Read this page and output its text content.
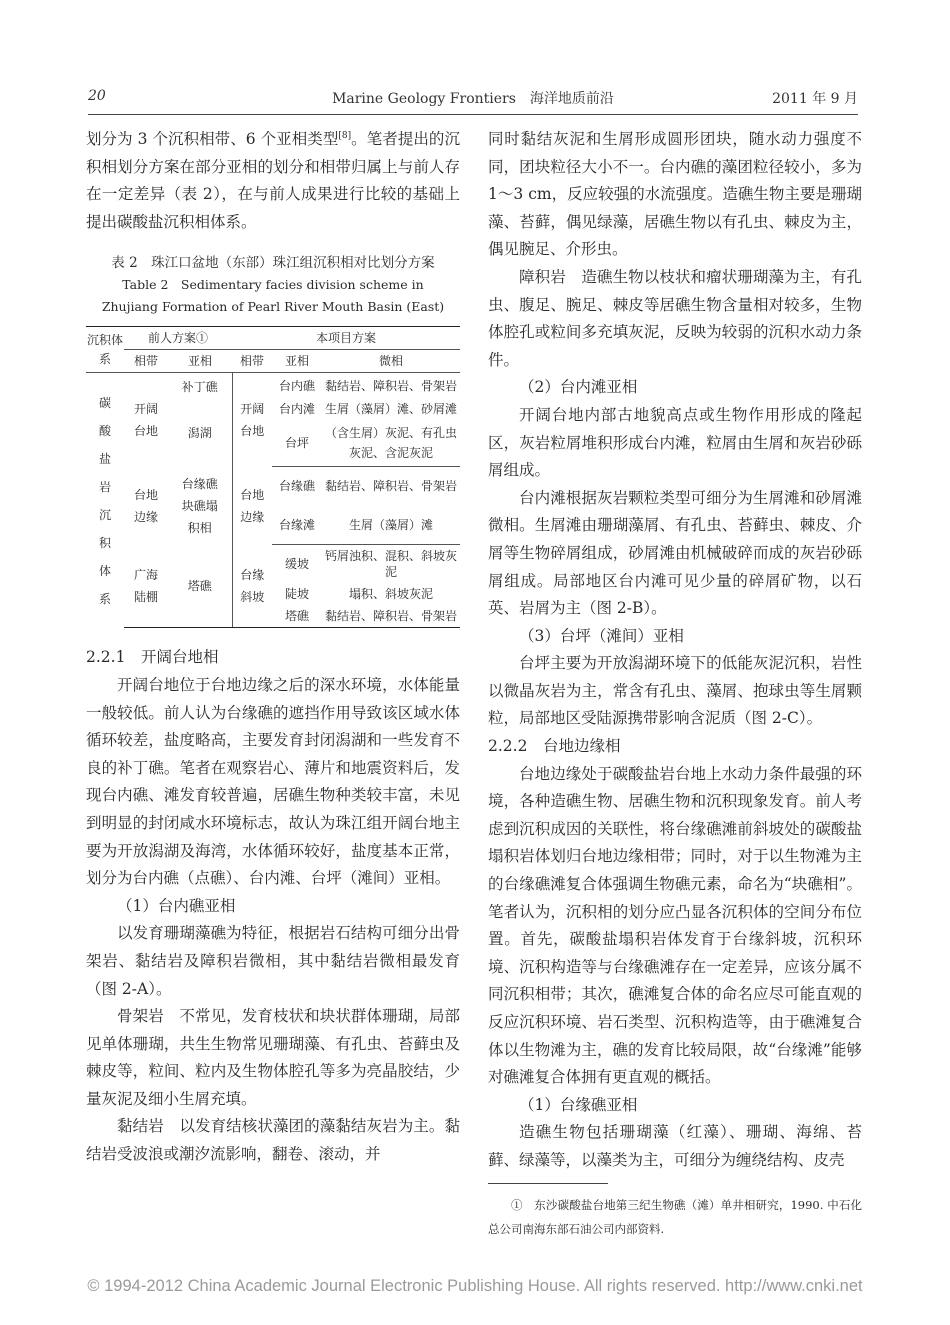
20	Marine Geology Frontiers　海洋地质前沿	2011 年 9 月

划分为 3 个沉积相带、6 个亚相类型[8]。笔者提出的沉积相划分方案在部分亚相的划分和相带归属上与前人存在一定差异（表 2），在与前人成果进行比较的基础上提出碳酸盐沉积相体系。

表 2　珠江口盆地（东部）珠江组沉积相对比划分方案
Table 2　Sedimentary facies division scheme in
Zhujiang Formation of Pearl River Mouth Basin (East)
沉积体系	前人方案①		本项目方案		
	相带	亚相	相带	亚相	微相
碳酸盐岩沉积体系	开阔台地	补丁礁	开阔台地	台内礁	黏结岩、障积岩、骨架岩
		潟湖		台内滩	生屑（藻屑）滩、砂屑滩
				台坪	（含生屑）灰泥、有孔虫灰泥、含泥灰泥
	台地边缘	台缘礁块礁塌积相	台地边缘	台缘礁	黏结岩、障积岩、骨架岩
				台缘滩	生屑（藻屑）滩
	广海陆棚	塔礁	台缘斜坡	缓坡	钙屑浊积、混积、斜坡灰泥
				陡坡	塌积、斜坡灰泥
				塔礁	黏结岩、障积岩、骨架岩

2.2.1　开阔台地相

开阔台地位于台地边缘之后的深水环境，水体能量一般较低。前人认为台缘礁的遮挡作用导致该区域水体循环较差，盐度略高，主要发育封闭潟湖和一些发育不良的补丁礁。笔者在观察岩心、薄片和地震资料后，发现台内礁、滩发育较普遍，居礁生物种类较丰富，未见到明显的封闭咸水环境标志，故认为珠江组开阔台地主要为开放潟湖及海湾，水体循环较好，盐度基本正常，划分为台内礁（点礁）、台内滩、台坪（滩间）亚相。

（1）台内礁亚相

以发育珊瑚藻礁为特征，根据岩石结构可细分出骨架岩、黏结岩及障积岩微相，其中黏结岩微相最发育（图 2-A）。

骨架岩　不常见，发育枝状和块状群体珊瑚，局部见单体珊瑚，共生生物常见珊瑚藻、有孔虫、苔藓虫及棘皮等，粒间、粒内及生物体腔孔等多为亮晶胶结，少量灰泥及细小生屑充填。

黏结岩　以发育结核状藻团的藻黏结灰岩为主。黏结岩受波浪或潮汐流影响，翻卷、滚动，并

同时黏结灰泥和生屑形成圆形团块，随水动力强度不同，团块粒径大小不一。台内礁的藻团粒径较小，多为 1～3 cm，反应较强的水流强度。造礁生物主要是珊瑚藻、苔藓，偶见绿藻，居礁生物以有孔虫、棘皮为主，偶见腕足、介形虫。

障积岩　造礁生物以枝状和瘤状珊瑚藻为主，有孔虫、腹足、腕足、棘皮等居礁生物含量相对较多，生物体腔孔或粒间多充填灰泥，反映为较弱的沉积水动力条件。

（2）台内滩亚相

开阔台地内部古地貌高点或生物作用形成的隆起区，灰岩粒屑堆积形成台内滩，粒屑由生屑和灰岩砂砾屑组成。

台内滩根据灰岩颗粒类型可细分为生屑滩和砂屑滩微相。生屑滩由珊瑚藻屑、有孔虫、苔藓虫、棘皮、介屑等生物碎屑组成，砂屑滩由机械破碎而成的灰岩砂砾屑组成。局部地区台内滩可见少量的碎屑矿物，以石英、岩屑为主（图 2-B）。

（3）台坪（滩间）亚相

台坪主要为开放潟湖环境下的低能灰泥沉积，岩性以微晶灰岩为主，常含有孔虫、藻屑、抱球虫等生屑颗粒，局部地区受陆源携带影响含泥质（图 2-C）。

2.2.2　台地边缘相

台地边缘处于碳酸盐岩台地上水动力条件最强的环境，各种造礁生物、居礁生物和沉积现象发育。前人考虑到沉积成因的关联性，将台缘礁滩前斜坡处的碳酸盐塌积岩体划归台地边缘相带；同时，对于以生物滩为主的台缘礁滩复合体强调生物礁元素，命名为“块礁相”。笔者认为，沉积相的划分应凸显各沉积体的空间分布位置。首先，碳酸盐塌积岩体发育于台缘斜坡，沉积环境、沉积构造等与台缘礁滩存在一定差异，应该分属不同沉积相带；其次，礁滩复合体的命名应尽可能直观的反应沉积环境、岩石类型、沉积构造等，由于礁滩复合体以生物滩为主，礁的发育比较局限，故“台缘滩”能够对礁滩复合体拥有更直观的概括。

（1）台缘礁亚相

造礁生物包括珊瑚藻（红藻）、珊瑚、海绵、苔藓、绿藻等，以藻类为主，可细分为缠绕结构、皮壳

①　东沙碳酸盐台地第三纪生物礁（滩）单井相研究，1990. 中石化总公司南海东部石油公司内部资料.
© 1994-2012 China Academic Journal Electronic Publishing House. All rights reserved. http://www.cnki.net
